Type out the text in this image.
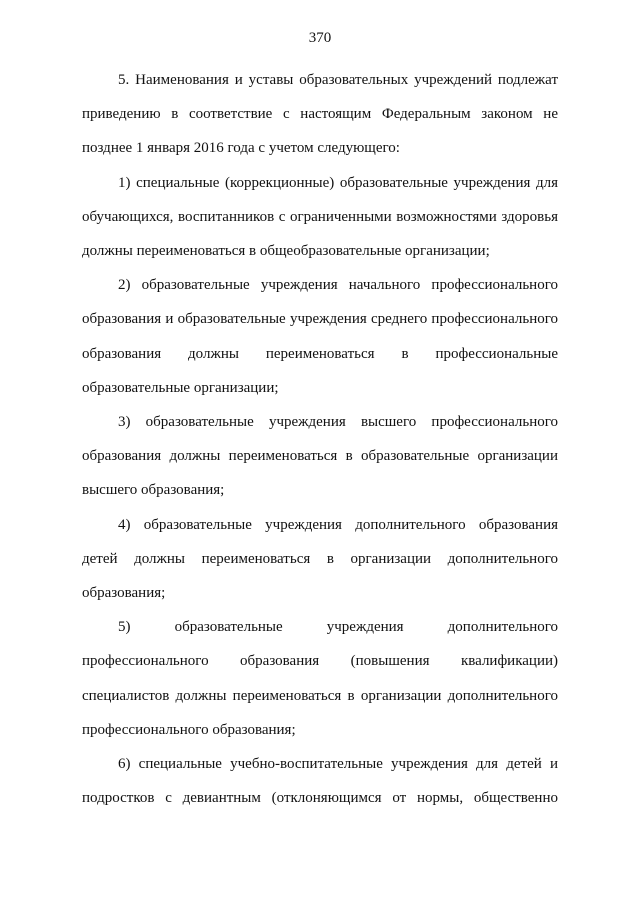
370

5. Наименования и уставы образовательных учреждений подлежат приведению в соответствие с настоящим Федеральным законом не позднее 1 января 2016 года с учетом следующего:

1) специальные (коррекционные) образовательные учреждения для обучающихся, воспитанников с ограниченными возможностями здоровья должны переименоваться в общеобразовательные организации;

2) образовательные учреждения начального профессионального образования и образовательные учреждения среднего профессионального образования должны переименоваться в профессиональные образовательные организации;

3) образовательные учреждения высшего профессионального образования должны переименоваться в образовательные организации высшего образования;

4) образовательные учреждения дополнительного образования детей должны переименоваться в организации дополнительного образования;

5) образовательные учреждения дополнительного профессионального образования (повышения квалификации) специалистов должны переименоваться в организации дополнительного профессионального образования;

6) специальные учебно-воспитательные учреждения для детей и подростков с девиантным (отклоняющимся от нормы, общественно
